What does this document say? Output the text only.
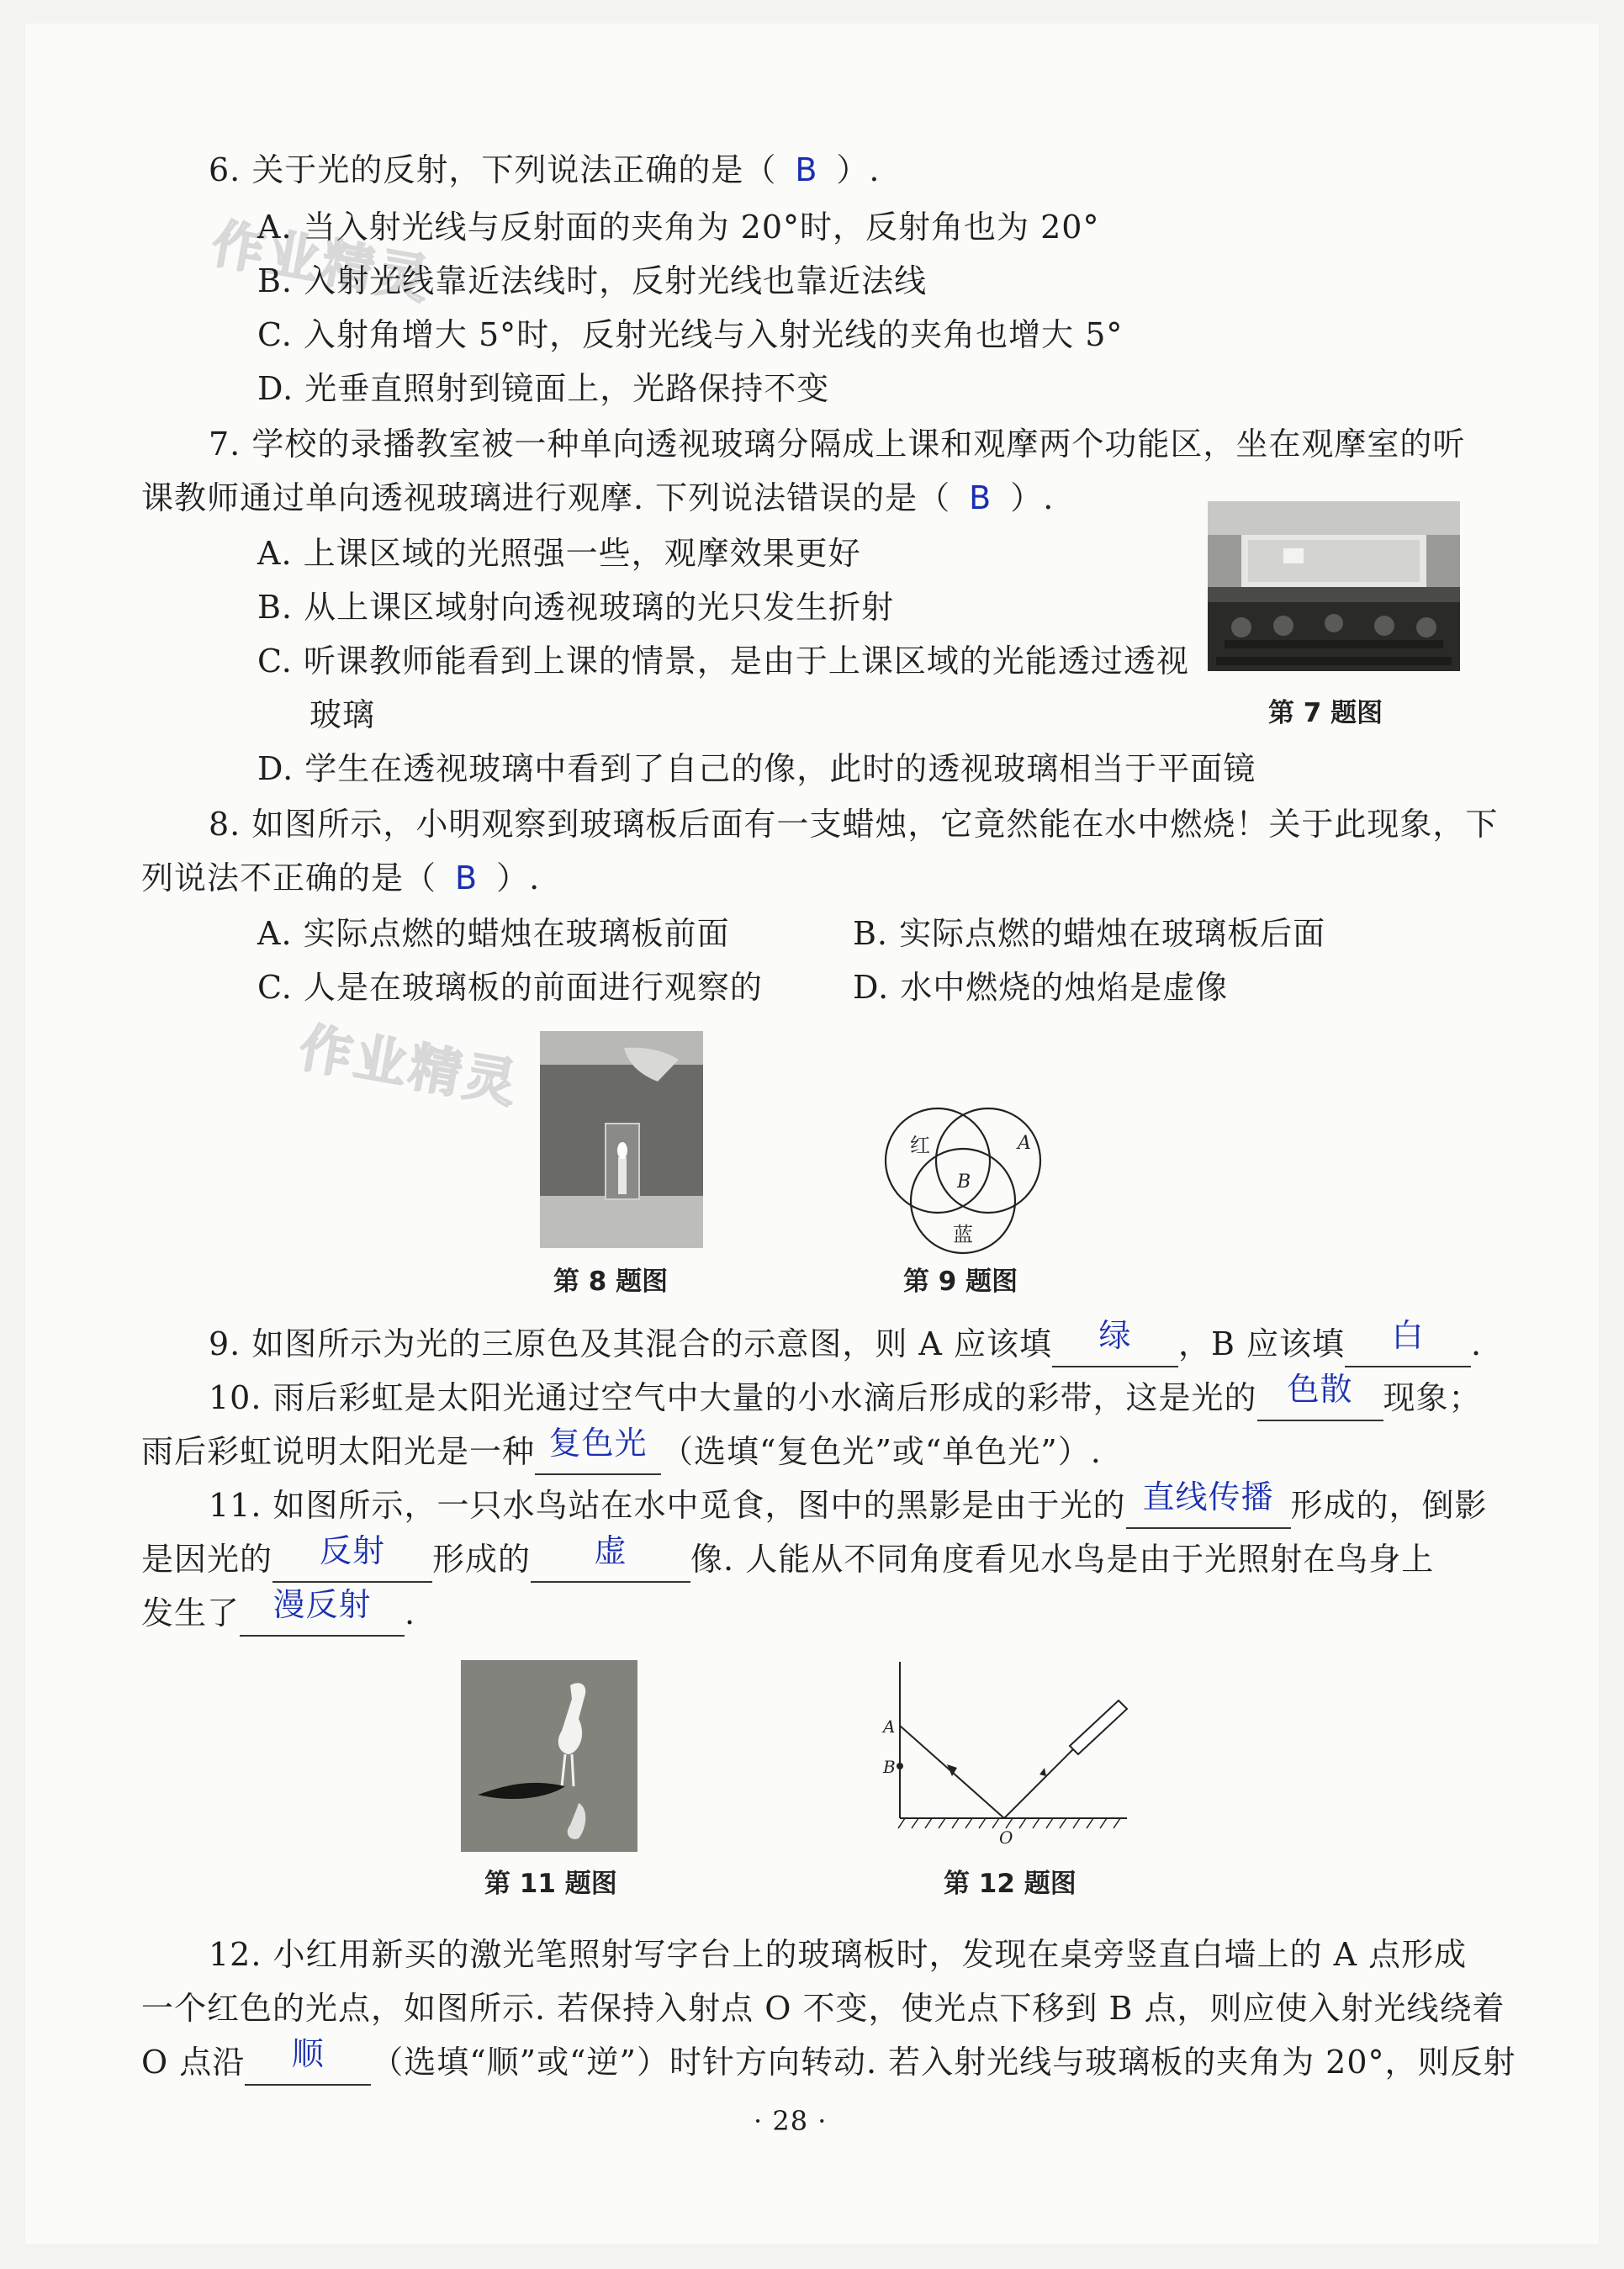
作业精灵
作业精灵
6. 关于光的反射，下列说法正确的是（ B ）.
A. 当入射光线与反射面的夹角为 20°时，反射角也为 20°
B. 入射光线靠近法线时，反射光线也靠近法线
C. 入射角增大 5°时，反射光线与入射光线的夹角也增大 5°
D. 光垂直照射到镜面上，光路保持不变
7. 学校的录播教室被一种单向透视玻璃分隔成上课和观摩两个功能区，坐在观摩室的听
课教师通过单向透视玻璃进行观摩. 下列说法错误的是（ B ）.
A. 上课区域的光照强一些，观摩效果更好
B. 从上课区域射向透视玻璃的光只发生折射
C. 听课教师能看到上课的情景，是由于上课区域的光能透过透视
玻璃
D. 学生在透视玻璃中看到了自己的像，此时的透视玻璃相当于平面镜
第 7 题图
8. 如图所示，小明观察到玻璃板后面有一支蜡烛，它竟然能在水中燃烧！关于此现象，下
列说法不正确的是（ B ）.
A. 实际点燃的蜡烛在玻璃板前面	B. 实际点燃的蜡烛在玻璃板后面
C. 人是在玻璃板的前面进行观察的	D. 水中燃烧的烛焰是虚像
第 8 题图
红	A
B
蓝
第 9 题图
9. 如图所示为光的三原色及其混合的示意图，则 A 应该填 绿 ，B 应该填 白 .
10. 雨后彩虹是太阳光通过空气中大量的小水滴后形成的彩带，这是光的 色散 现象；
雨后彩虹说明太阳光是一种 复色光 （选填“复色光”或“单色光”）.
11. 如图所示，一只水鸟站在水中觅食，图中的黑影是由于光的 直线传播 形成的，倒影
是因光的 反射 形成的 虚 像. 人能从不同角度看见水鸟是由于光照射在鸟身上
发生了 漫反射 .
第 11 题图
A
B
O
第 12 题图
12. 小红用新买的激光笔照射写字台上的玻璃板时，发现在桌旁竖直白墙上的 A 点形成
一个红色的光点，如图所示. 若保持入射点 O 不变，使光点下移到 B 点，则应使入射光线绕着
O 点沿 顺 （选填“顺”或“逆”）时针方向转动. 若入射光线与玻璃板的夹角为 20°，则反射
· 28 ·
